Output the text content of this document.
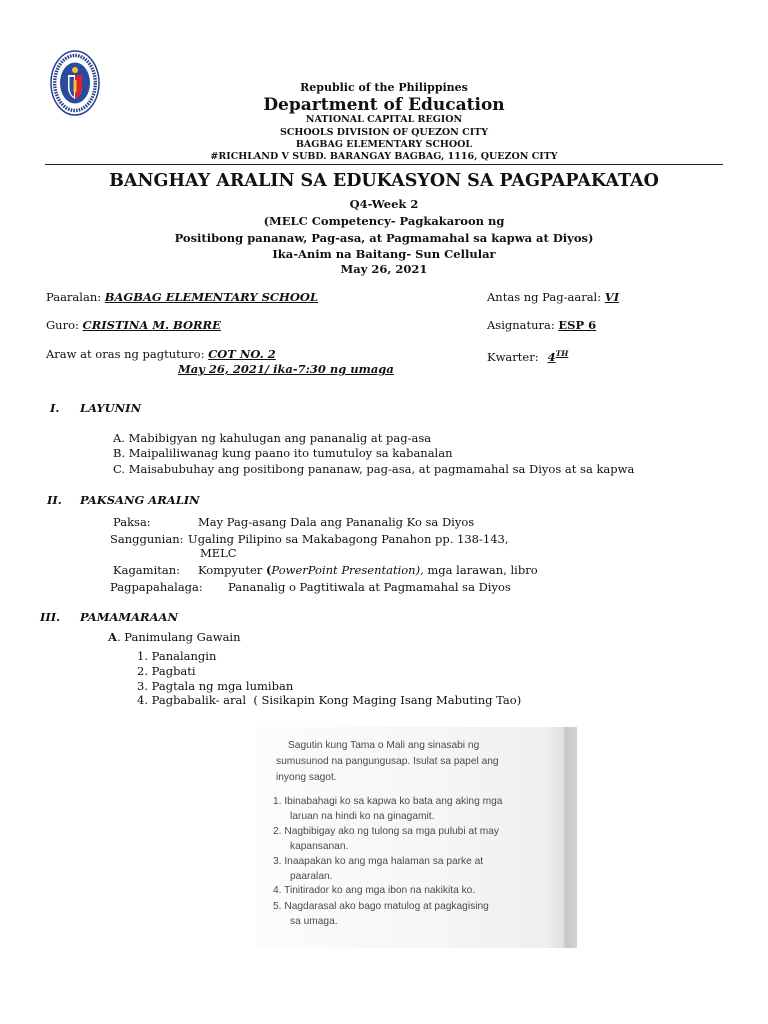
Republic of the Philippines
Department of Education
NATIONAL CAPITAL REGION
SCHOOLS DIVISION OF QUEZON CITY
BAGBAG ELEMENTARY SCHOOL
#RICHLAND V SUBD. BARANGAY BAGBAG, 1116, QUEZON CITY
BANGHAY ARALIN SA EDUKASYON SA PAGPAPAKATAO
Q4-Week 2
(MELC Competency- Pagkakaroon ng
Positibong pananaw, Pag-asa, at Pagmamahal sa kapwa at Diyos)
Ika-Anim na Baitang- Sun Cellular
May 26, 2021
Paaralan: BAGBAG ELEMENTARY SCHOOL	Antas ng Pag-aaral: VI
Guro: CRISTINA M. BORRE	Asignatura: ESP 6
Araw at oras ng pagtuturo: COT NO. 2	Kwarter: 4TH
May 26, 2021/ ika-7:30 ng umaga
I. LAYUNIN
A. Mabibigyan ng kahulugan ang pananalig at pag-asa
B. Maipaliliwanag kung paano ito tumutuloy sa kabanalan
C. Maisabubuhay ang positibong pananaw, pag-asa, at pagmamahal sa Diyos at sa kapwa
II. PAKSANG ARALIN
Paksa:	May Pag-asang Dala ang Pananalig Ko sa Diyos
Sanggunian: Ugaling Pilipino sa Makabagong Panahon pp. 138-143,
MELC
Kagamitan: Kompyuter (PowerPoint Presentation), mga larawan, libro
Pagpapahalaga: Pananalig o Pagtitiwala at Pagmamahal sa Diyos
III. PAMAMARAAN
A. Panimulang Gawain
1. Panalangin
2. Pagbati
3. Pagtala ng mga lumiban
4. Pagbabalik- aral  ( Sisikapin Kong Maging Isang Mabuting Tao)
Sagutin kung Tama o Mali ang sinasabi ng
sumusunod na pangungusap. Isulat sa papel ang
inyong sagot.
1. Ibinabahagi ko sa kapwa ko bata ang aking mga
laruan na hindi ko na ginagamit.
2. Nagbibigay ako ng tulong sa mga pulubi at may
kapansanan.
3. Inaapakan ko ang mga halaman sa parke at
paaralan.
4. Tinitirador ko ang mga ibon na nakikita ko.
5. Nagdarasal ako bago matulog at pagkagising
sa umaga.
